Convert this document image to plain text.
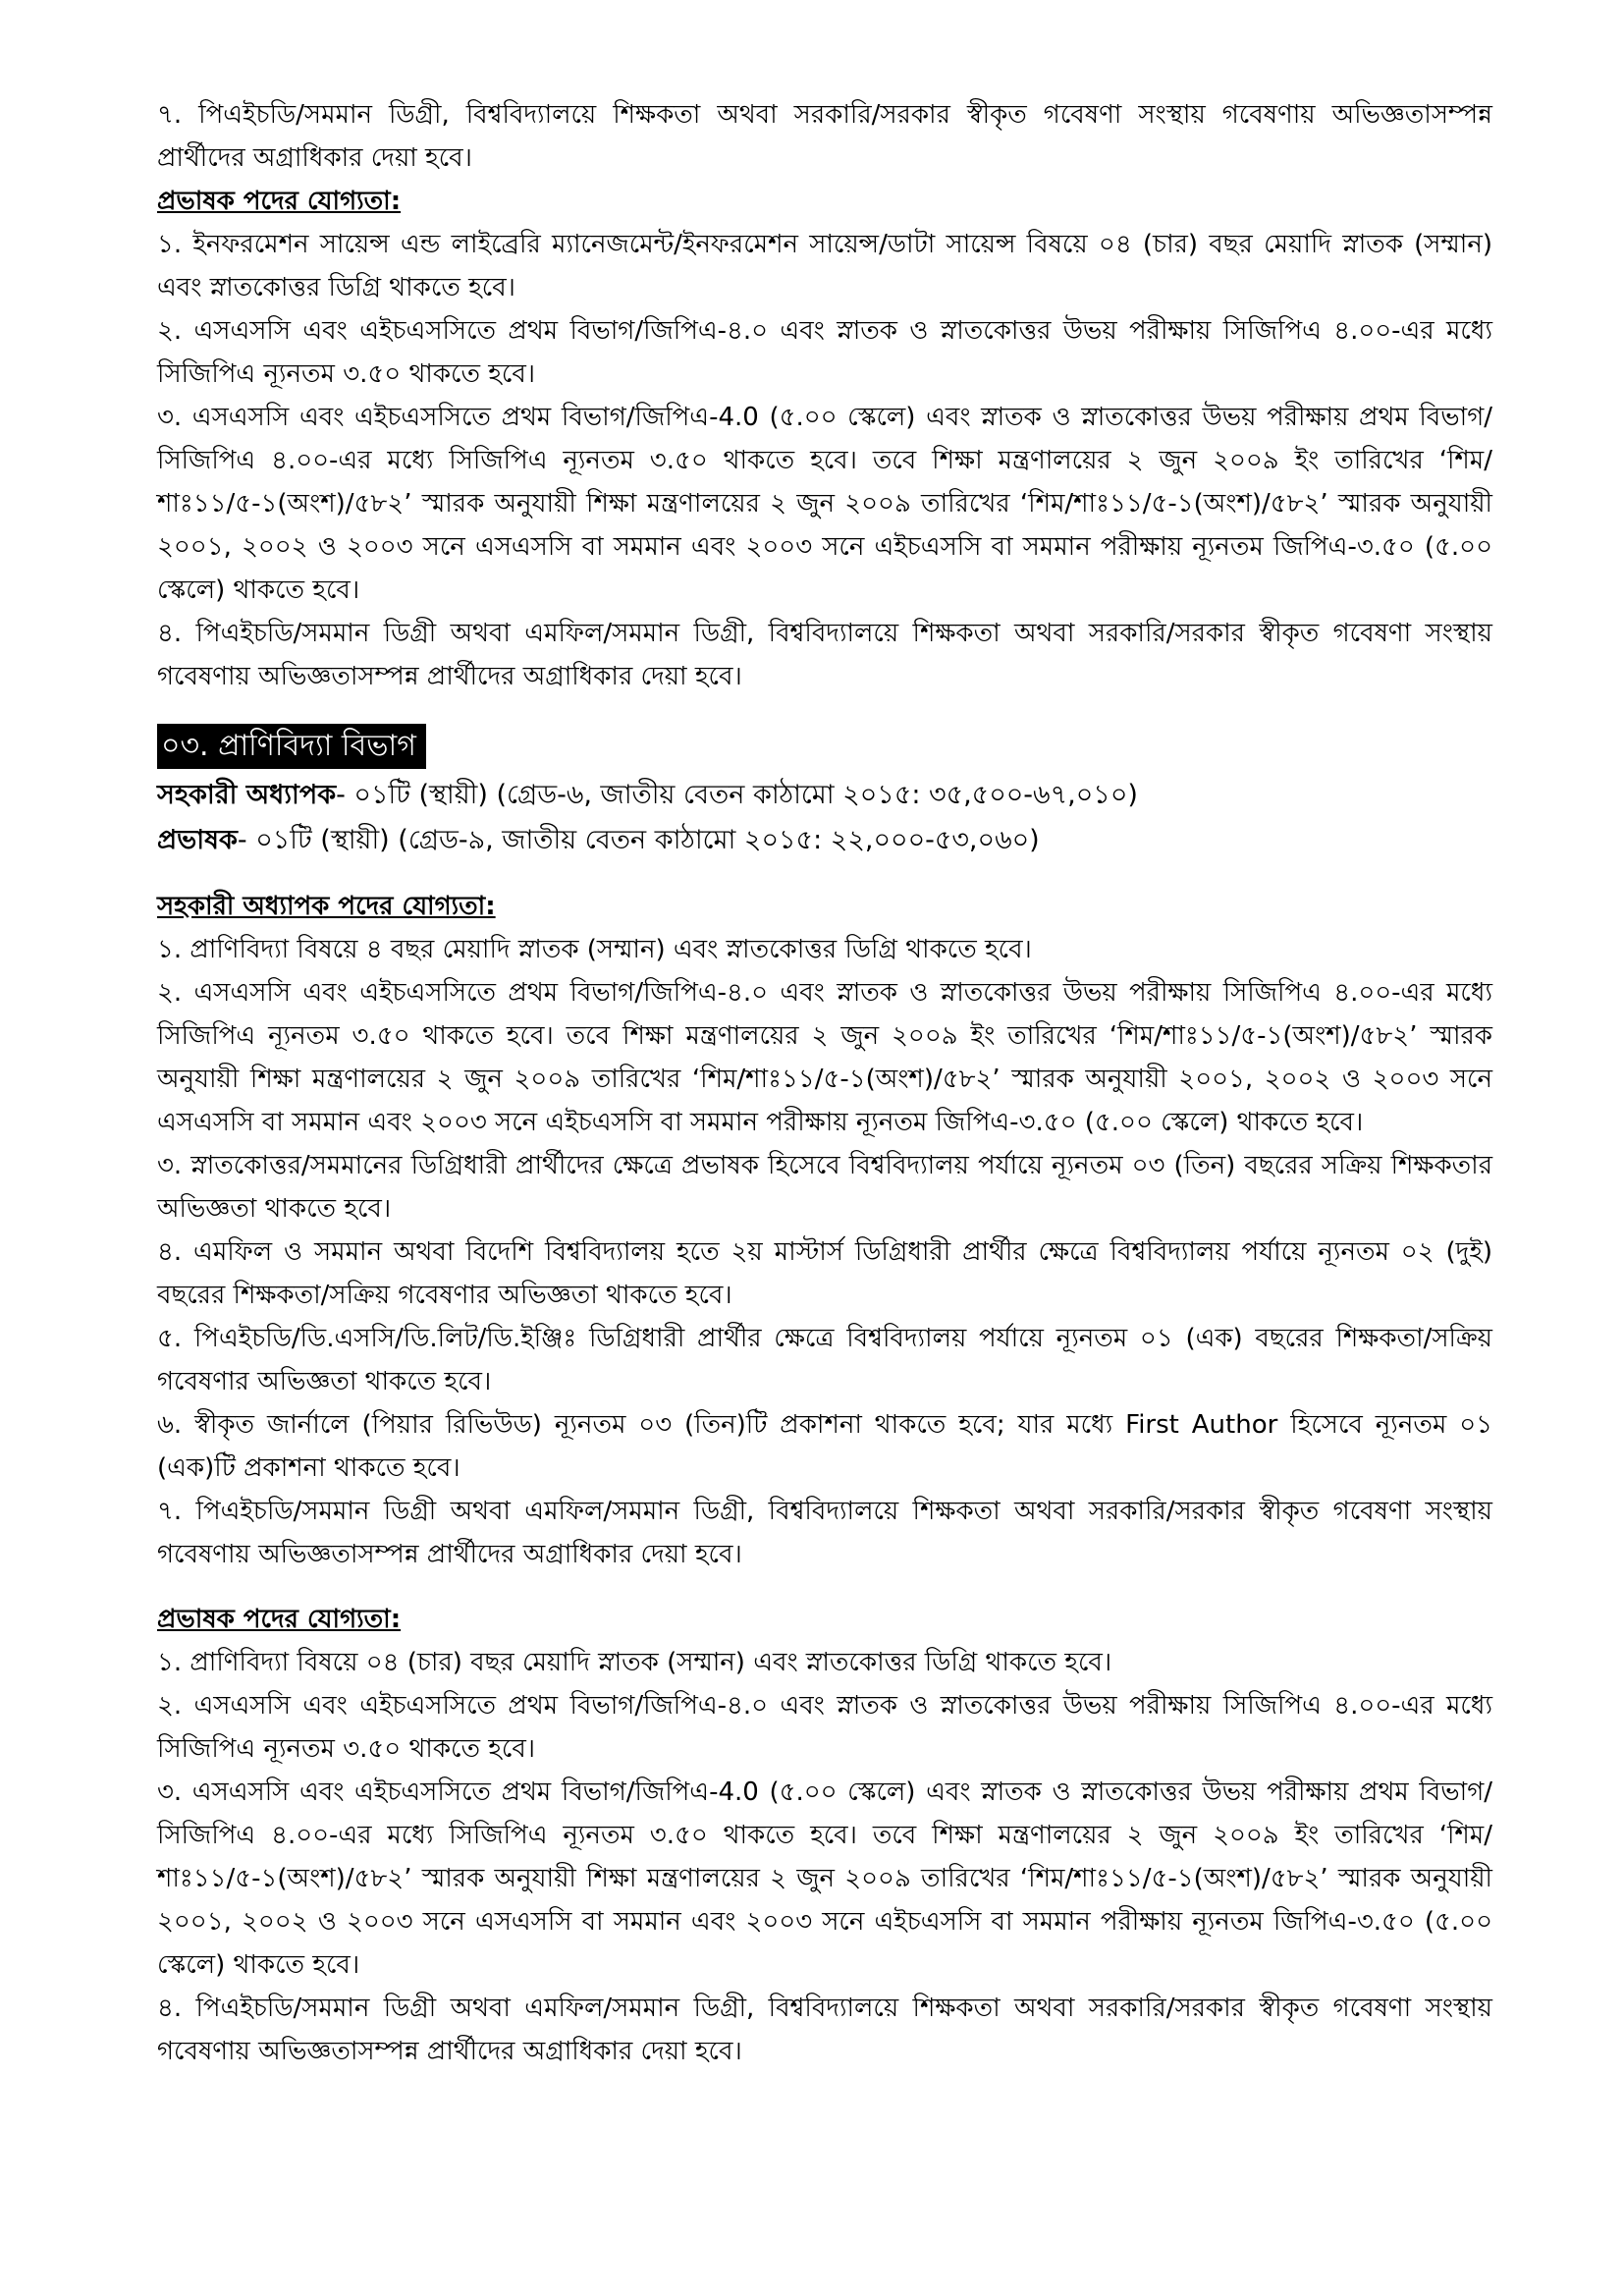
৭. পিএইচডি/সমমান ডিগ্রী, বিশ্ববিদ্যালয়ে শিক্ষকতা অথবা সরকারি/সরকার স্বীকৃত গবেষণা সংস্থায় গবেষণায় অভিজ্ঞতাসম্পন্ন প্রার্থীদের অগ্রাধিকার দেয়া হবে।

প্রভাষক পদের যোগ্যতা:

১. ইনফরমেশন সায়েন্স এন্ড লাইব্রেরি ম্যানেজমেন্ট/ইনফরমেশন সায়েন্স/ডাটা সায়েন্স বিষয়ে ০৪ (চার) বছর মেয়াদি স্নাতক (সম্মান) এবং স্নাতকোত্তর ডিগ্রি থাকতে হবে।

২. এসএসসি এবং এইচএসসিতে প্রথম বিভাগ/জিপিএ-৪.০ এবং স্নাতক ও স্নাতকোত্তর উভয় পরীক্ষায় সিজিপিএ ৪.০০-এর মধ্যে সিজিপিএ ন্যূনতম ৩.৫০ থাকতে হবে।

৩. এসএসসি এবং এইচএসসিতে প্রথম বিভাগ/জিপিএ-4.0 (৫.০০ স্কেলে) এবং স্নাতক ও স্নাতকোত্তর উভয় পরীক্ষায় প্রথম বিভাগ/সিজিপিএ ৪.০০-এর মধ্যে সিজিপিএ ন্যূনতম ৩.৫০ থাকতে হবে। তবে শিক্ষা মন্ত্রণালয়ের ২ জুন ২০০৯ ইং তারিখের ‘শিম/শাঃ১১/৫-১(অংশ)/৫৮২’ স্মারক অনুযায়ী শিক্ষা মন্ত্রণালয়ের ২ জুন ২০০৯ তারিখের ‘শিম/শাঃ১১/৫-১(অংশ)/৫৮২’ স্মারক অনুযায়ী ২০০১, ২০০২ ও ২০০৩ সনে এসএসসি বা সমমান এবং ২০০৩ সনে এইচএসসি বা সমমান পরীক্ষায় ন্যূনতম জিপিএ-৩.৫০ (৫.০০ স্কেলে) থাকতে হবে।

৪. পিএইচডি/সমমান ডিগ্রী অথবা এমফিল/সমমান ডিগ্রী, বিশ্ববিদ্যালয়ে শিক্ষকতা অথবা সরকারি/সরকার স্বীকৃত গবেষণা সংস্থায় গবেষণায় অভিজ্ঞতাসম্পন্ন প্রার্থীদের অগ্রাধিকার দেয়া হবে।

০৩. প্রাণিবিদ্যা বিভাগ

সহকারী অধ্যাপক- ০১টি (স্থায়ী) (গ্রেড-৬, জাতীয় বেতন কাঠামো ২০১৫: ৩৫,৫০০-৬৭,০১০)

প্রভাষক- ০১টি (স্থায়ী) (গ্রেড-৯, জাতীয় বেতন কাঠামো ২০১৫: ২২,০০০-৫৩,০৬০)

সহকারী অধ্যাপক পদের যোগ্যতা:

১. প্রাণিবিদ্যা বিষয়ে ৪ বছর মেয়াদি স্নাতক (সম্মান) এবং স্নাতকোত্তর ডিগ্রি থাকতে হবে।

২. এসএসসি এবং এইচএসসিতে প্রথম বিভাগ/জিপিএ-৪.০ এবং স্নাতক ও স্নাতকোত্তর উভয় পরীক্ষায় সিজিপিএ ৪.০০-এর মধ্যে সিজিপিএ ন্যূনতম ৩.৫০ থাকতে হবে। তবে শিক্ষা মন্ত্রণালয়ের ২ জুন ২০০৯ ইং তারিখের ‘শিম/শাঃ১১/৫-১(অংশ)/৫৮২’ স্মারক অনুযায়ী শিক্ষা মন্ত্রণালয়ের ২ জুন ২০০৯ তারিখের ‘শিম/শাঃ১১/৫-১(অংশ)/৫৮২’ স্মারক অনুযায়ী ২০০১, ২০০২ ও ২০০৩ সনে এসএসসি বা সমমান এবং ২০০৩ সনে এইচএসসি বা সমমান পরীক্ষায় ন্যূনতম জিপিএ-৩.৫০ (৫.০০ স্কেলে) থাকতে হবে।

৩. স্নাতকোত্তর/সমমানের ডিগ্রিধারী প্রার্থীদের ক্ষেত্রে প্রভাষক হিসেবে বিশ্ববিদ্যালয় পর্যায়ে ন্যূনতম ০৩ (তিন) বছরের সক্রিয় শিক্ষকতার অভিজ্ঞতা থাকতে হবে।

৪. এমফিল ও সমমান অথবা বিদেশি বিশ্ববিদ্যালয় হতে ২য় মাস্টার্স ডিগ্রিধারী প্রার্থীর ক্ষেত্রে বিশ্ববিদ্যালয় পর্যায়ে ন্যূনতম ০২ (দুই) বছরের শিক্ষকতা/সক্রিয় গবেষণার অভিজ্ঞতা থাকতে হবে।

৫. পিএইচডি/ডি.এসসি/ডি.লিট/ডি.ইঞ্জিঃ ডিগ্রিধারী প্রার্থীর ক্ষেত্রে বিশ্ববিদ্যালয় পর্যায়ে ন্যূনতম ০১ (এক) বছরের শিক্ষকতা/সক্রিয় গবেষণার অভিজ্ঞতা থাকতে হবে।

৬. স্বীকৃত জার্নালে (পিয়ার রিভিউড) ন্যূনতম ০৩ (তিন)টি প্রকাশনা থাকতে হবে; যার মধ্যে First Author হিসেবে ন্যূনতম ০১ (এক)টি প্রকাশনা থাকতে হবে।

৭. পিএইচডি/সমমান ডিগ্রী অথবা এমফিল/সমমান ডিগ্রী, বিশ্ববিদ্যালয়ে শিক্ষকতা অথবা সরকারি/সরকার স্বীকৃত গবেষণা সংস্থায় গবেষণায় অভিজ্ঞতাসম্পন্ন প্রার্থীদের অগ্রাধিকার দেয়া হবে।

প্রভাষক পদের যোগ্যতা:

১. প্রাণিবিদ্যা বিষয়ে ০৪ (চার) বছর মেয়াদি স্নাতক (সম্মান) এবং স্নাতকোত্তর ডিগ্রি থাকতে হবে।

২. এসএসসি এবং এইচএসসিতে প্রথম বিভাগ/জিপিএ-৪.০ এবং স্নাতক ও স্নাতকোত্তর উভয় পরীক্ষায় সিজিপিএ ৪.০০-এর মধ্যে সিজিপিএ ন্যূনতম ৩.৫০ থাকতে হবে।

৩. এসএসসি এবং এইচএসসিতে প্রথম বিভাগ/জিপিএ-4.0 (৫.০০ স্কেলে) এবং স্নাতক ও স্নাতকোত্তর উভয় পরীক্ষায় প্রথম বিভাগ/সিজিপিএ ৪.০০-এর মধ্যে সিজিপিএ ন্যূনতম ৩.৫০ থাকতে হবে। তবে শিক্ষা মন্ত্রণালয়ের ২ জুন ২০০৯ ইং তারিখের ‘শিম/শাঃ১১/৫-১(অংশ)/৫৮২’ স্মারক অনুযায়ী শিক্ষা মন্ত্রণালয়ের ২ জুন ২০০৯ তারিখের ‘শিম/শাঃ১১/৫-১(অংশ)/৫৮২’ স্মারক অনুযায়ী ২০০১, ২০০২ ও ২০০৩ সনে এসএসসি বা সমমান এবং ২০০৩ সনে এইচএসসি বা সমমান পরীক্ষায় ন্যূনতম জিপিএ-৩.৫০ (৫.০০ স্কেলে) থাকতে হবে।

৪. পিএইচডি/সমমান ডিগ্রী অথবা এমফিল/সমমান ডিগ্রী, বিশ্ববিদ্যালয়ে শিক্ষকতা অথবা সরকারি/সরকার স্বীকৃত গবেষণা সংস্থায় গবেষণায় অভিজ্ঞতাসম্পন্ন প্রার্থীদের অগ্রাধিকার দেয়া হবে।
